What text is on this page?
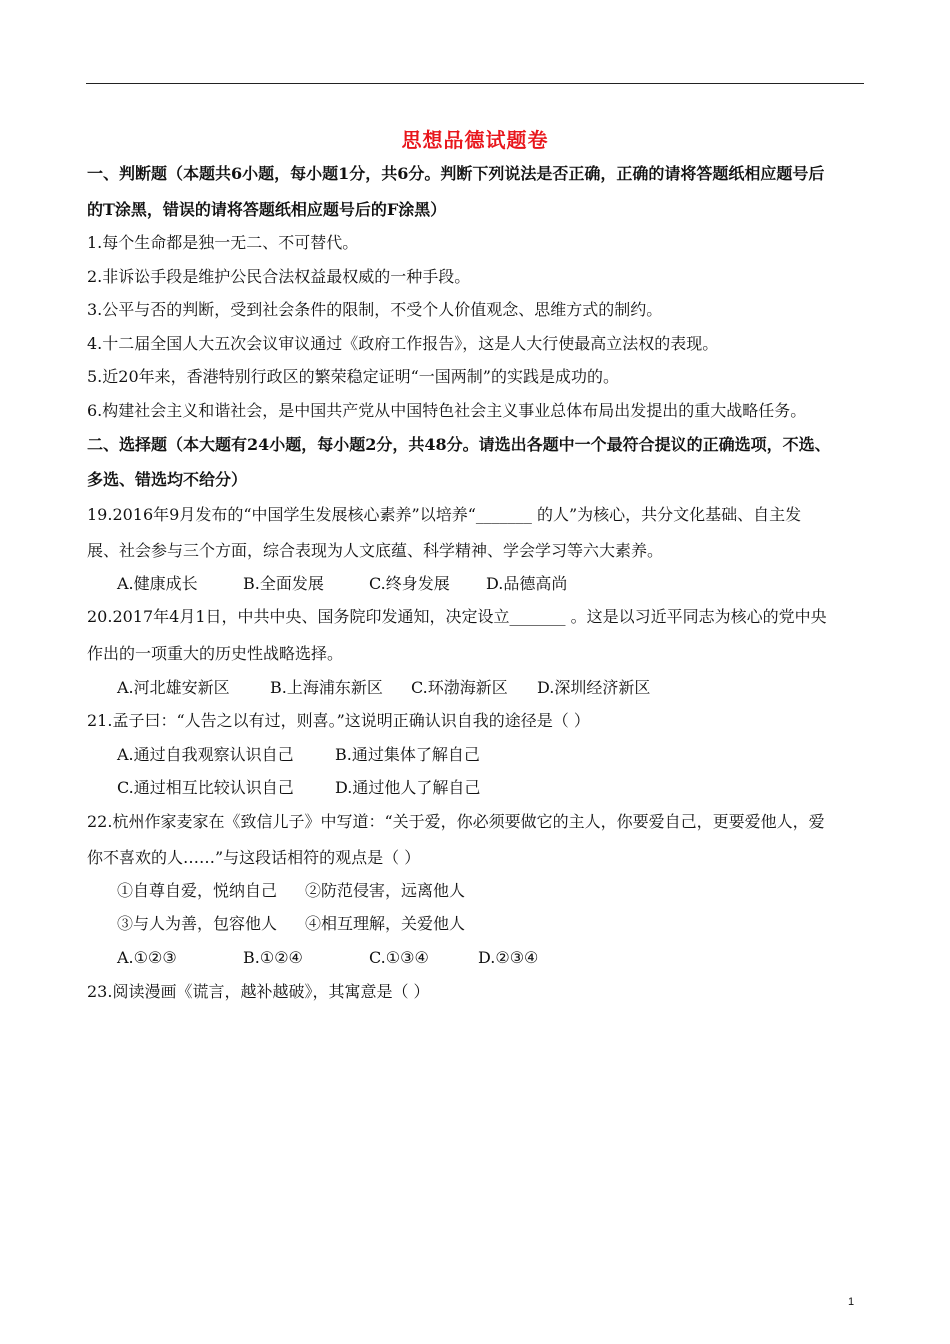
思想品德试题卷
一、判断题（本题共6小题，每小题1分，共6分。判断下列说法是否正确，正确的请将答题纸相应题号后
的T涂黑，错误的请将答题纸相应题号后的F涂黑）
1.每个生命都是独一无二、不可替代。
2.非诉讼手段是维护公民合法权益最权威的一种手段。
3.公平与否的判断，受到社会条件的限制，不受个人价值观念、思维方式的制约。
4.十二届全国人大五次会议审议通过《政府工作报告》，这是人大行使最高立法权的表现。
5.近20年来，香港特别行政区的繁荣稳定证明“一国两制”的实践是成功的。
6.构建社会主义和谐社会，是中国共产党从中国特色社会主义事业总体布局出发提出的重大战略任务。
二、选择题（本大题有24小题，每小题2分，共48分。请选出各题中一个最符合提议的正确选项，不选、
多选、错选均不给分）
19.2016年9月发布的“中国学生发展核心素养”以培养“_______ 的人”为核心，共分文化基础、自主发
展、社会参与三个方面，综合表现为人文底蕴、科学精神、学会学习等六大素养。
A.健康成长	B.全面发展	C.终身发展 D.品德高尚
20.2017年4月1日，中共中央、国务院印发通知，决定设立_______ 。这是以习近平同志为核心的党中央
作出的一项重大的历史性战略选择。
A.河北雄安新区	B.上海浦东新区 C.环渤海新区 D.深圳经济新区
21.孟子曰：“人告之以有过，则喜。”这说明正确认识自我的途径是（ ）
A.通过自我观察认识自己	B.通过集体了解自己
C.通过相互比较认识自己	D.通过他人了解自己
22.杭州作家麦家在《致信儿子》中写道：“关于爱，你必须要做它的主人，你要爱自己，更要爱他人，爱
你不喜欢的人……”与这段话相符的观点是（ ）
①自尊自爱，悦纳自己 ②防范侵害，远离他人
③与人为善，包容他人 ④相互理解，关爱他人
A.①②③	B.①②④	C.①③④	D.②③④
23.阅读漫画《谎言，越补越破》，其寓意是（ ）
1
